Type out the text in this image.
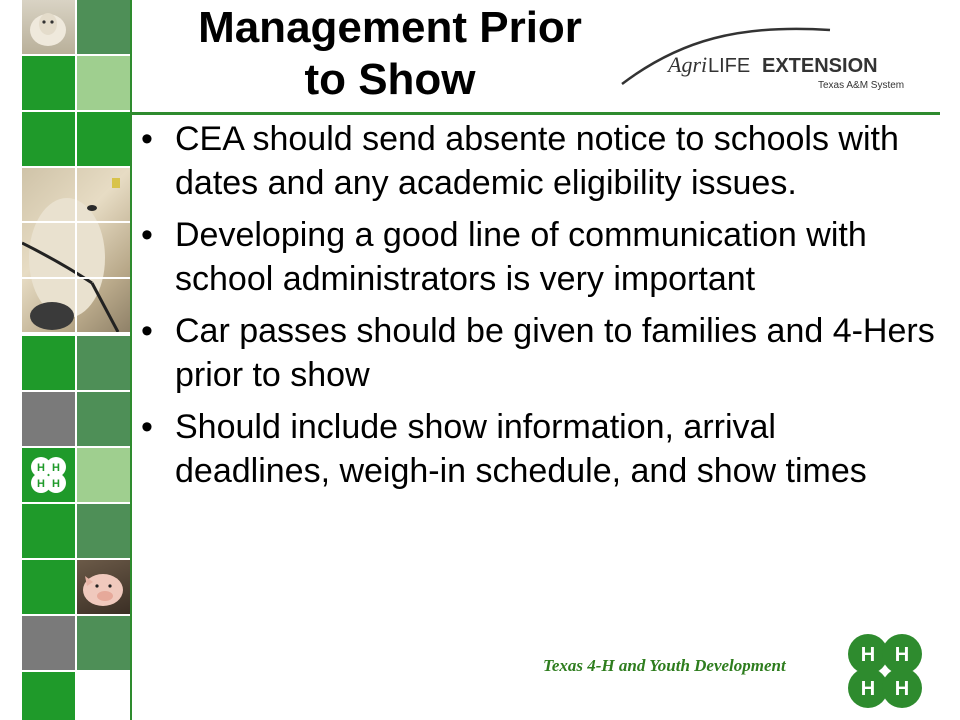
H H
H H
Management Prior
to Show	Agri LIFE EXTENSION
Texas A&M System
• CEA should send absente notice to schools with dates and any academic eligibility issues.
• Developing a good line of communication with school administrators is very important
• Car passes should be given to families and 4-Hers prior to show
• Should include show information, arrival deadlines, weigh-in schedule, and show times
Texas 4-H and Youth Development	H H
H H
